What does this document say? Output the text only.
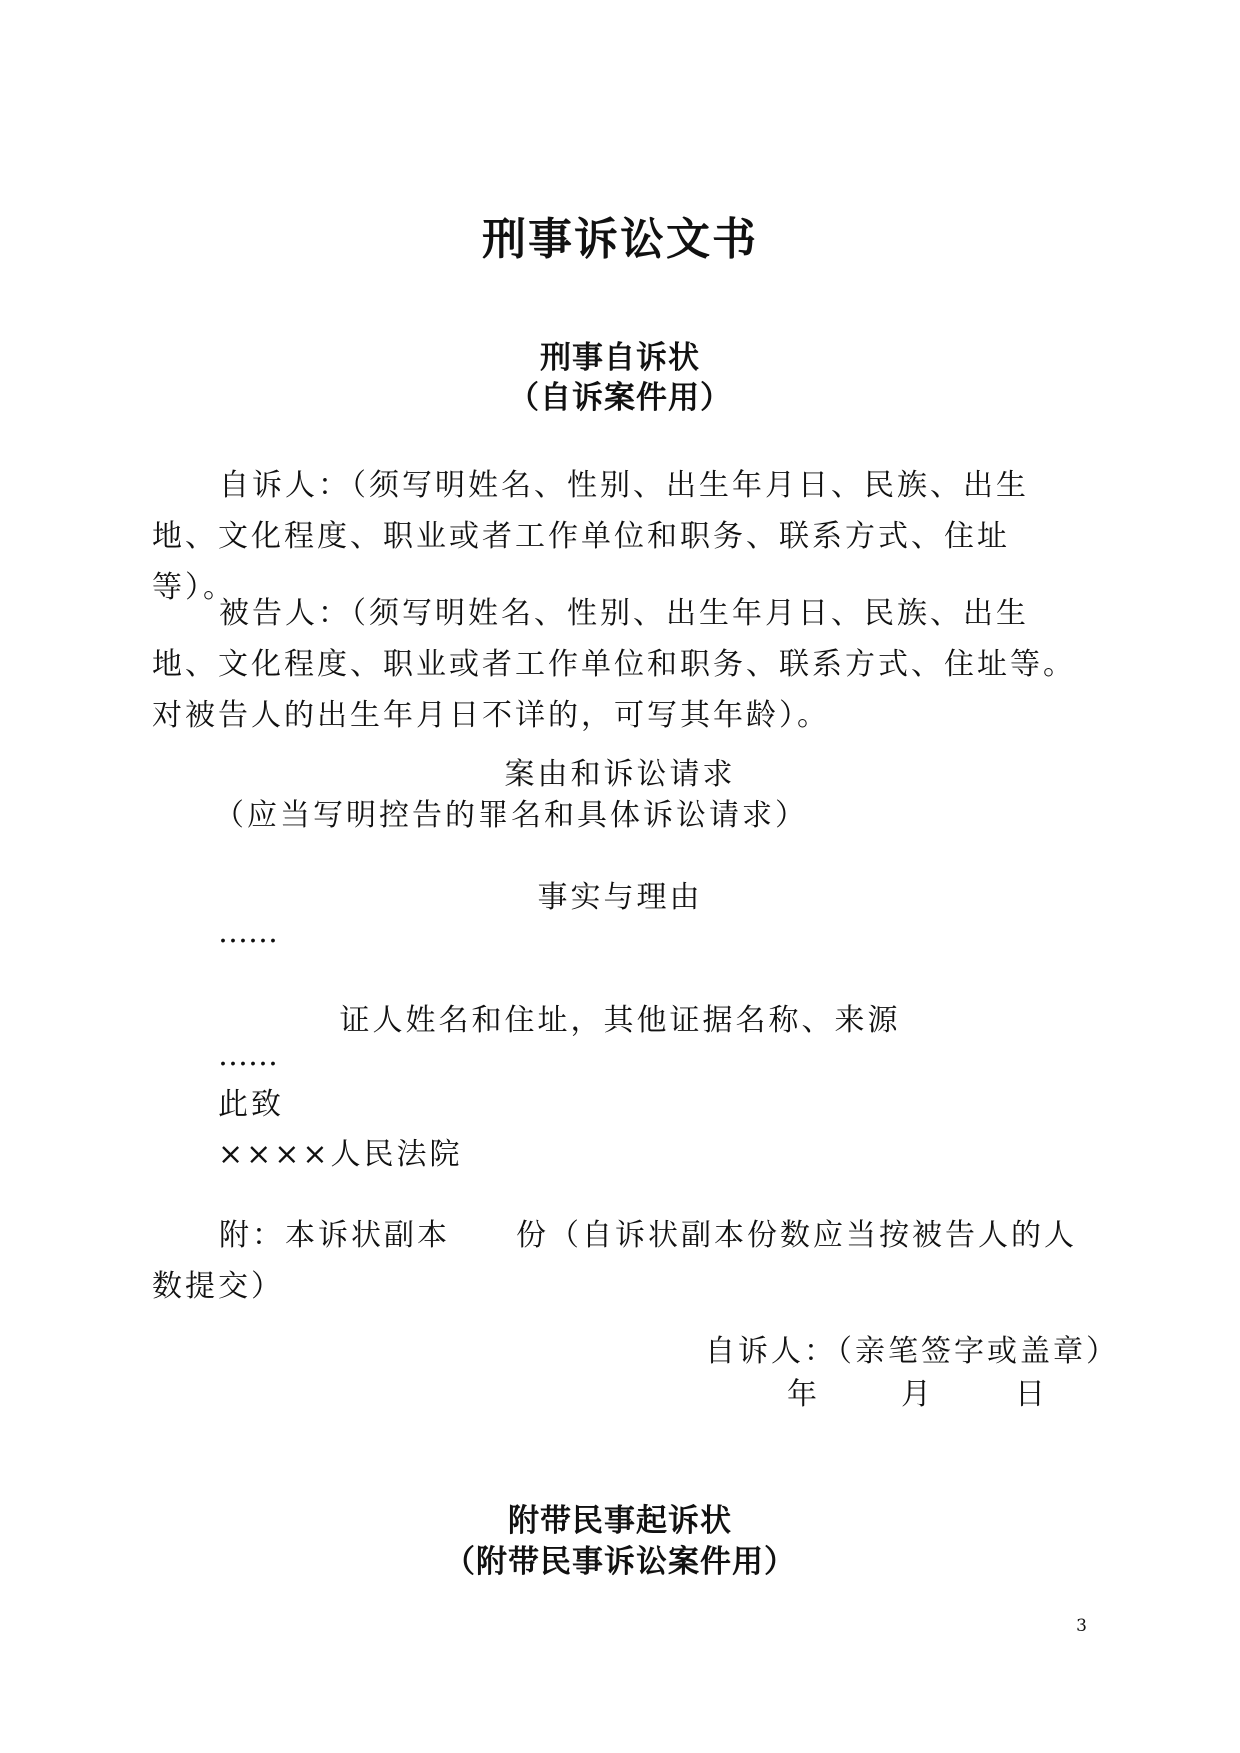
刑事诉讼文书
刑事自诉状
（自诉案件用）
自诉人：（须写明姓名、性别、出生年月日、民族、出生地、文化程度、职业或者工作单位和职务、联系方式、住址等）。
被告人：（须写明姓名、性别、出生年月日、民族、出生地、文化程度、职业或者工作单位和职务、联系方式、住址等。对被告人的出生年月日不详的，可写其年龄）。
案由和诉讼请求
（应当写明控告的罪名和具体诉讼请求）
事实与理由
……
证人姓名和住址，其他证据名称、来源
……
此致
××××人民法院
附：本诉状副本　　份（自诉状副本份数应当按被告人的人数提交）
自诉人：（亲笔签字或盖章）
年　　月　　日
附带民事起诉状
（附带民事诉讼案件用）
3
